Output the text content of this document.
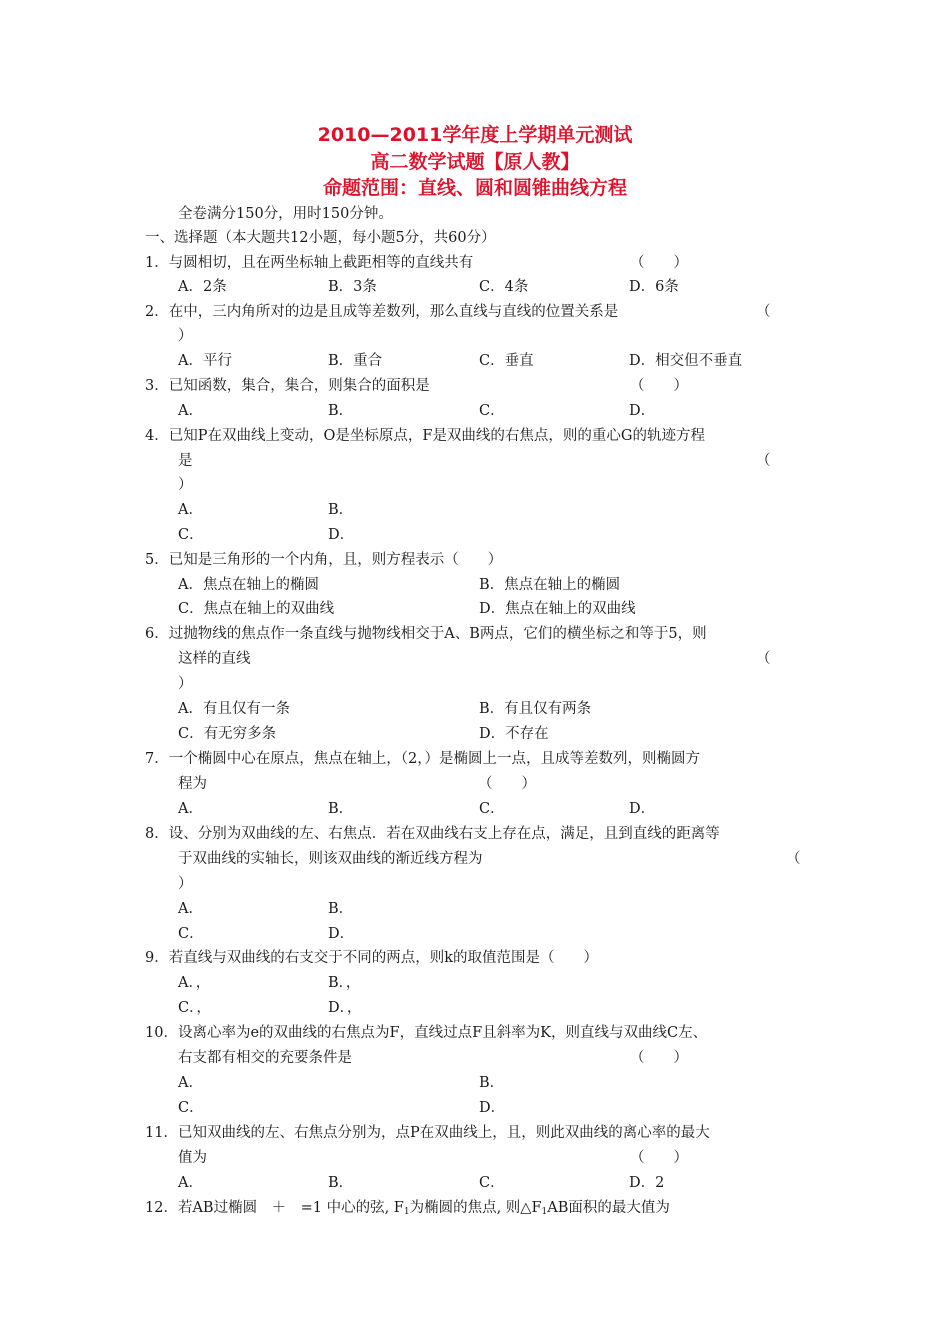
2010—2011学年度上学期单元测试
高二数学试题【原人教】
命题范围：直线、圆和圆锥曲线方程
全卷满分150分，用时150分钟。
一、选择题（本大题共12小题，每小题5分，共60分）
1．与圆相切，且在两坐标轴上截距相等的直线共有	（　　）
A．2条	B．3条	C．4条	D．6条
2．在中，三内角所对的边是且成等差数列，那么直线与直线的位置关系是	（
）
A．平行	B．重合	C．垂直	D．相交但不垂直
3．已知函数，集合，集合，则集合的面积是	（　　）
A．	B．	C．	D．
4．已知P在双曲线上变动，O是坐标原点，F是双曲线的右焦点，则的重心G的轨迹方程
是	（
）
A．	B．
C．	D．
5．已知是三角形的一个内角，且，则方程表示（　　）
A．焦点在轴上的椭圆	B．焦点在轴上的椭圆
C．焦点在轴上的双曲线	D．焦点在轴上的双曲线
6．过抛物线的焦点作一条直线与抛物线相交于A、B两点，它们的横坐标之和等于5，则
这样的直线	（
）
A．有且仅有一条	B．有且仅有两条
C．有无穷多条	D．不存在
7．一个椭圆中心在原点，焦点在轴上，（2，）是椭圆上一点，且成等差数列，则椭圆方
程为	（　　）
A．	B．	C．	D．
8．设、分别为双曲线的左、右焦点．若在双曲线右支上存在点，满足，且到直线的距离等
于双曲线的实轴长，则该双曲线的渐近线方程为	（
）
A．	B．
C．	D．
9．若直线与双曲线的右支交于不同的两点，则k的取值范围是（　　）
A．，	B．，
C．，	D．，
10．设离心率为e的双曲线的右焦点为F，直线过点F且斜率为K，则直线与双曲线C左、
右支都有相交的充要条件是	（　　）
A．	B．
C．	D．
11．已知双曲线的左、右焦点分别为，点P在双曲线上，且，则此双曲线的离心率的最大
值为	（　　）
A．	B．	C．	D．2
12．若AB过椭圆　＋　=1 中心的弦, $F_1$为椭圆的焦点, 则$\triangle F_1AB$面积的最大值为
